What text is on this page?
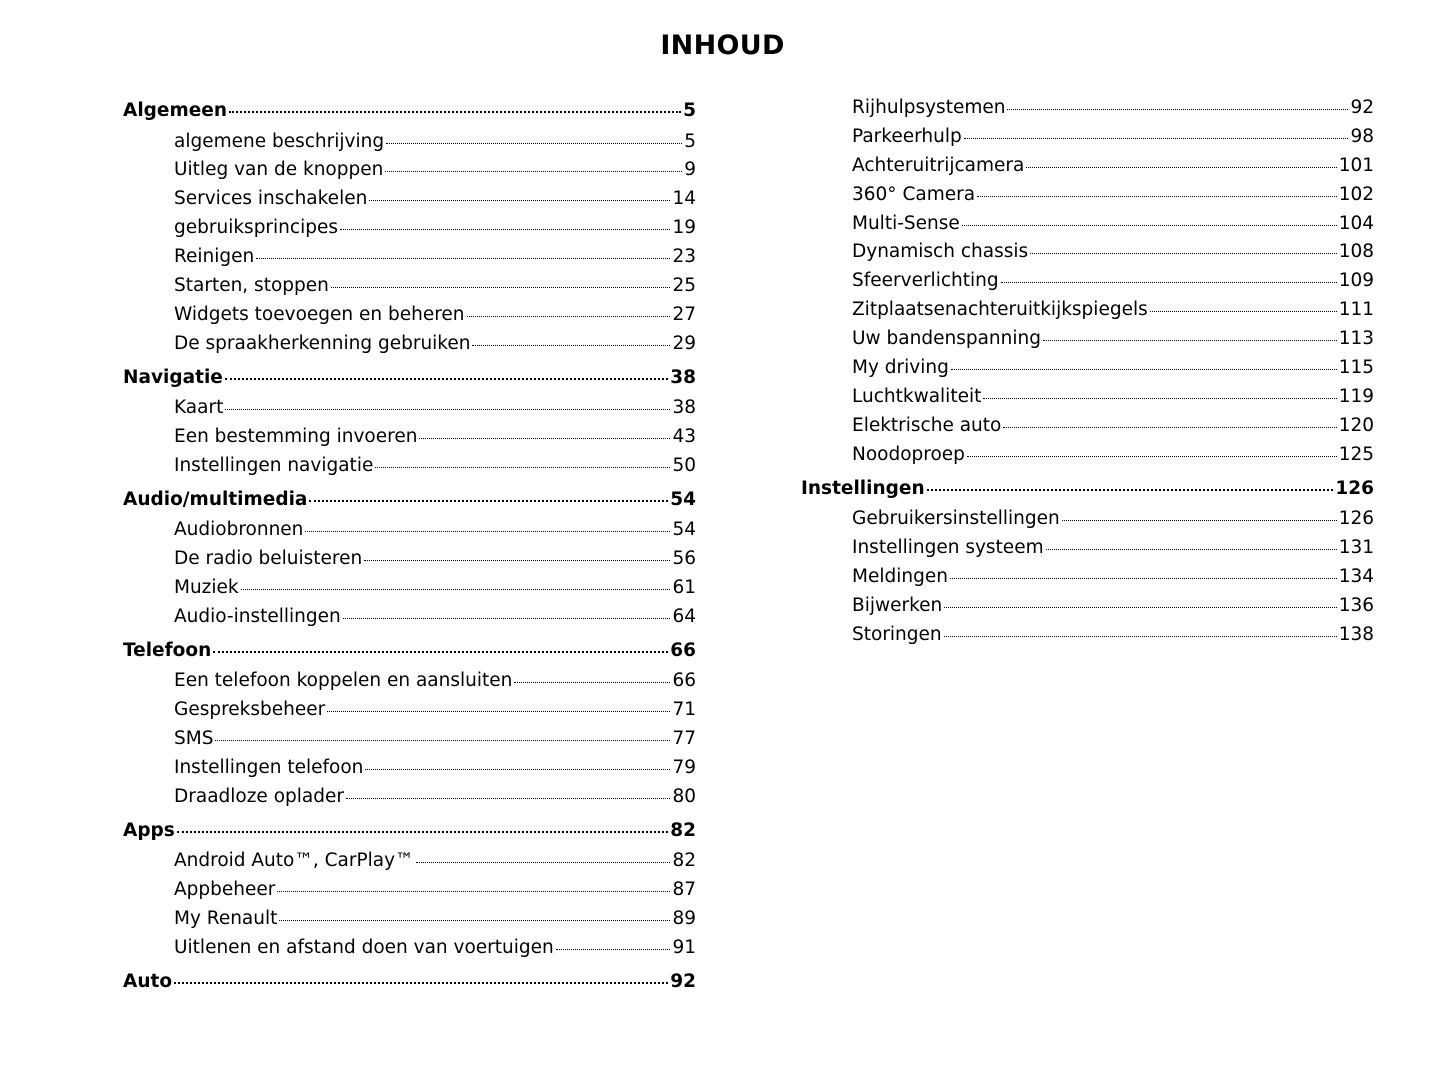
INHOUD
Algemeen	5
algemene beschrijving	5
Uitleg van de knoppen	9
Services inschakelen	14
gebruiksprincipes	19
Reinigen	23
Starten, stoppen	25
Widgets toevoegen en beheren	27
De spraakherkenning gebruiken	29
Navigatie	38
Kaart	38
Een bestemming invoeren	43
Instellingen navigatie	50
Audio/multimedia	54
Audiobronnen	54
De radio beluisteren	56
Muziek	61
Audio-instellingen	64
Telefoon	66
Een telefoon koppelen en aansluiten	66
Gespreksbeheer	71
SMS	77
Instellingen telefoon	79
Draadloze oplader	80
Apps	82
Android Auto™, CarPlay™	82
Appbeheer	87
My Renault	89
Uitlenen en afstand doen van voertuigen	91
Auto	92
Rijhulpsystemen	92
Parkeerhulp	98
Achteruitrijcamera	101
360° Camera	102
Multi-Sense	104
Dynamisch chassis	108
Sfeerverlichting	109
Zitplaatsenachteruitkijkspiegels	111
Uw bandenspanning	113
My driving	115
Luchtkwaliteit	119
Elektrische auto	120
Noodoproep	125
Instellingen	126
Gebruikersinstellingen	126
Instellingen systeem	131
Meldingen	134
Bijwerken	136
Storingen	138
